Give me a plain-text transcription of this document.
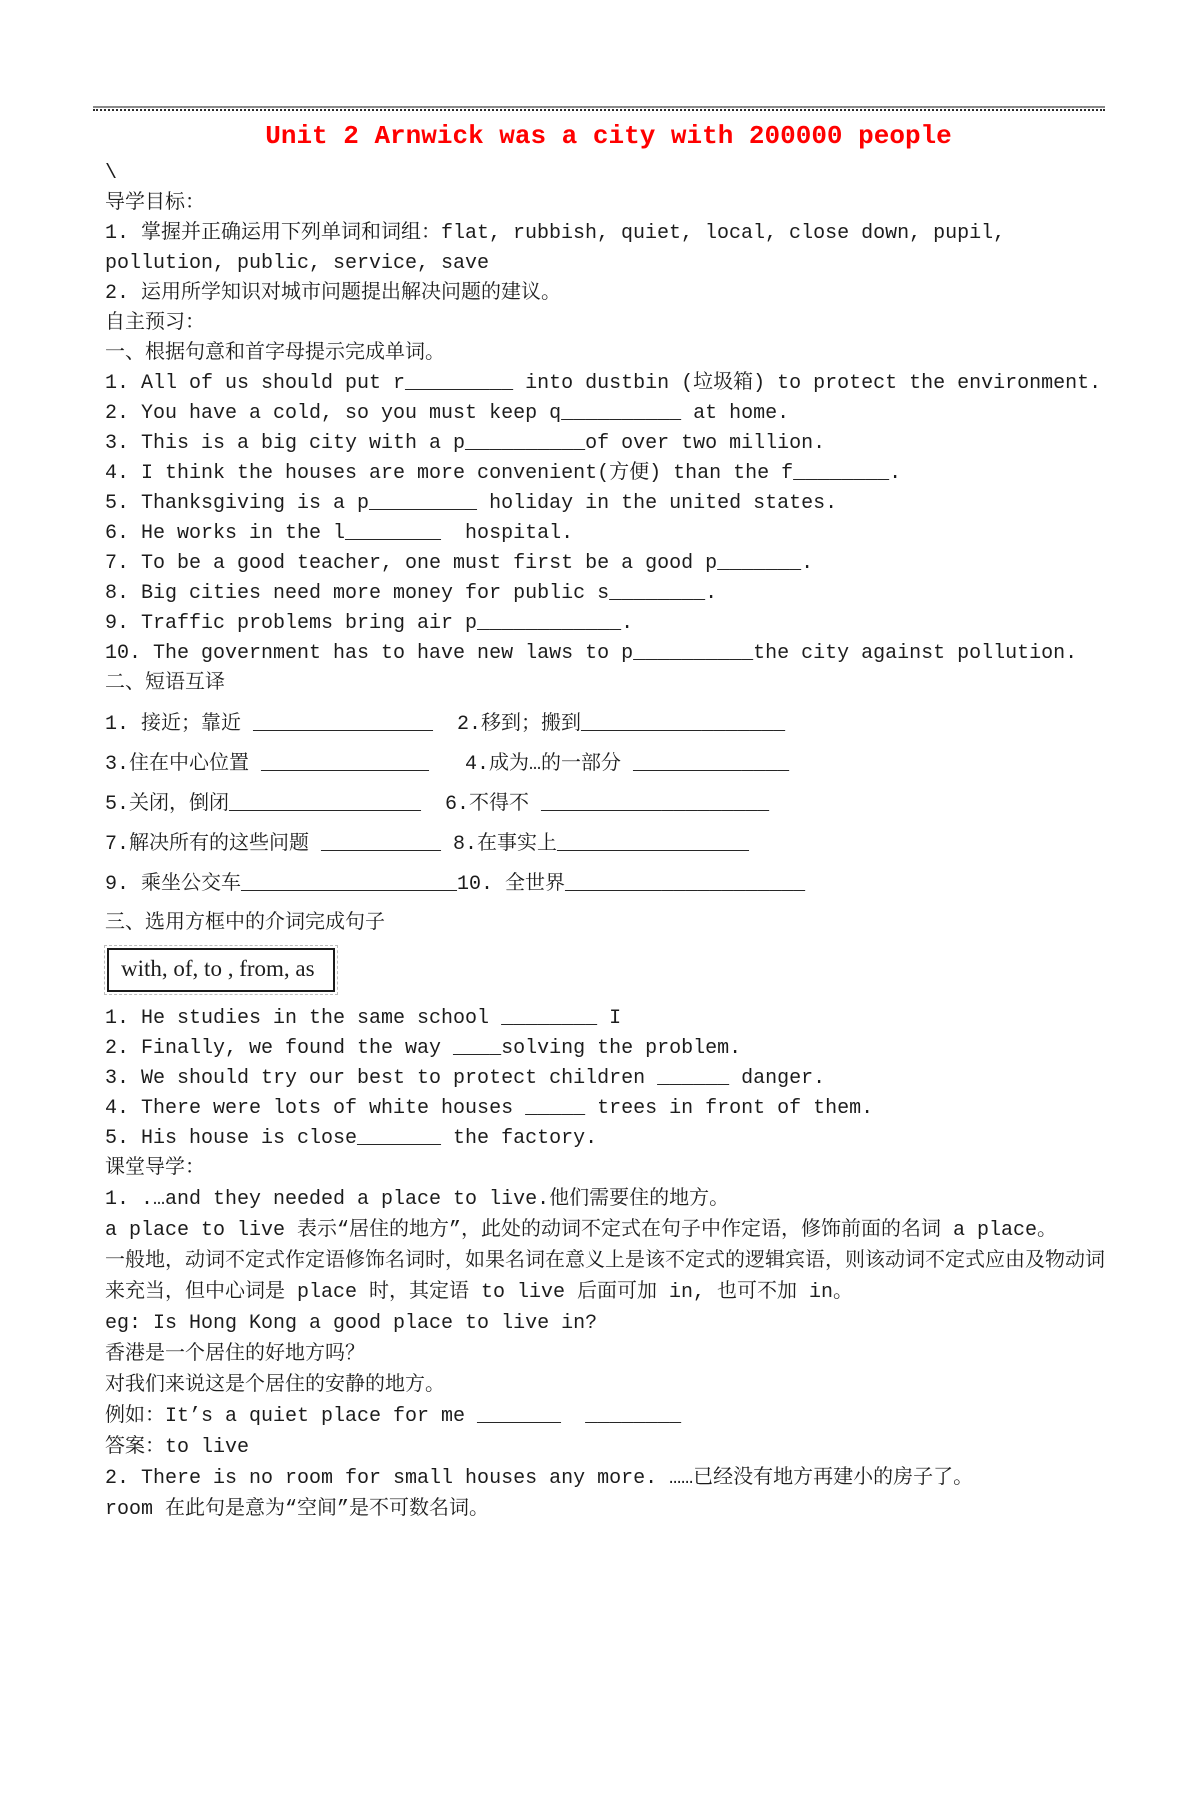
Unit 2 Arnwick was a city with 200000 people
\
导学目标：
1. 掌握并正确运用下列单词和词组：flat, rubbish, quiet, local, close down, pupil, pollution, public, service, save
2. 运用所学知识对城市问题提出解决问题的建议。
自主预习：
一、根据句意和首字母提示完成单词。
1. All of us should put r_________ into dustbin (垃圾箱) to protect the environment.
2. You have a cold, so you must keep q__________ at home.
3. This is a big city with a p__________of over two million.
4. I think the houses are more convenient(方便) than the f________.
5. Thanksgiving is a p_________ holiday in the united states.
6. He works in the l________  hospital.
7. To be a good teacher, one must first be a good p_______.
8. Big cities need more money for public s________.
9. Traffic problems bring air p____________.
10. The government has to have new laws to p__________the city against pollution.
二、短语互译
1. 接近；靠近 _______________  2.移到；搬到_________________
3.住在中心位置 ______________   4.成为…的一部分 _____________
5.关闭，倒闭________________  6.不得不 ___________________
7.解决所有的这些问题 __________ 8.在事实上________________
9. 乘坐公交车__________________10. 全世界____________________
三、选用方框中的介词完成句子
with, of, to , from, as
1. He studies in the same school ________ I
2. Finally, we found the way ____solving the problem.
3. We should try our best to protect children ______ danger.
4. There were lots of white houses _____ trees in front of them.
5. His house is close_______ the factory.
课堂导学：

1. .…and they needed a place to live.他们需要住的地方。

a place to live 表示“居住的地方”，此处的动词不定式在句子中作定语，修饰前面的名词 a place。

一般地，动词不定式作定语修饰名词时，如果名词在意义上是该不定式的逻辑宾语，则该动词不定式应由及物动词来充当，但中心词是 place 时，其定语 to live 后面可加 in, 也可不加 in。

eg: Is Hong Kong a good place to live in?

香港是一个居住的好地方吗？

对我们来说这是个居住的安静的地方。

例如：It’s a quiet place for me _______  ________

答案：to live

2. There is no room for small houses any more. ……已经没有地方再建小的房子了。

room 在此句是意为“空间”是不可数名词。
